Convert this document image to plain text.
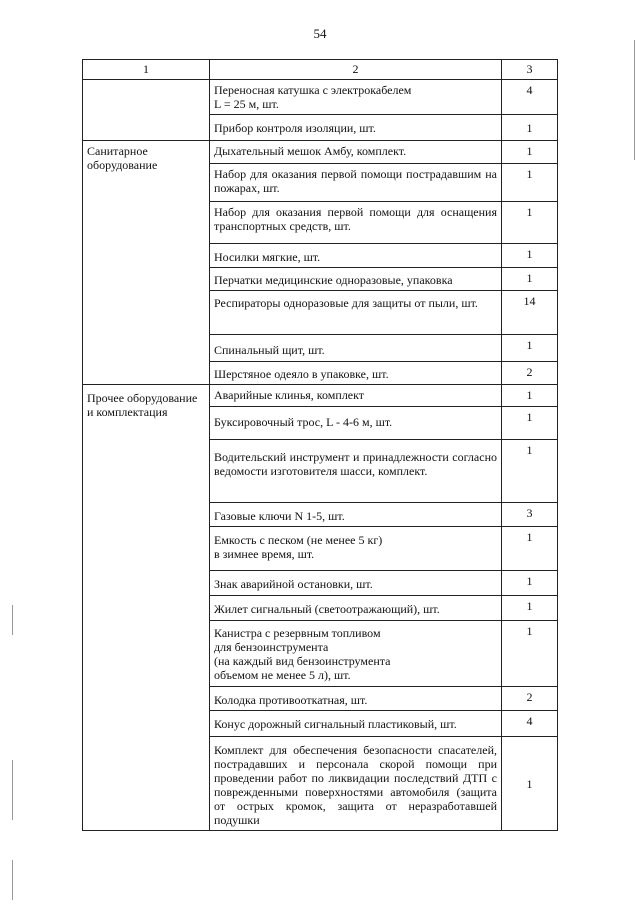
54
1	2	3

	Переносная катушка с электрокабелем
L = 25 м, шт.	4

	Прибор контроля изоляции, шт.	1
Санитарное оборудование	Дыхательный мешок Амбу, комплект.	1
	Набор для оказания первой помощи пострадавшим на пожарах, шт.	1
	Набор для оказания первой помощи для оснащения транспортных средств, шт.	1
	Носилки мягкие, шт.	1
	Перчатки медицинские одноразовые, упаковка	1
	Респираторы одноразовые для защиты от пыли, шт.	14
	Спинальный щит, шт.	1
	Шерстяное одеяло в упаковке, шт.	2
Прочее оборудование и комплектация	Аварийные клинья, комплект	1
	Буксировочный трос, L - 4-6 м, шт.	1
	Водительский инструмент и принадлежности согласно ведомости изготовителя шасси, комплект.	1
	Газовые ключи N 1-5, шт.	3

	Емкость с песком (не менее 5 кг)
в зимнее время, шт.	1
	Знак аварийной остановки, шт.	1
	Жилет сигнальный (светоотражающий), шт.	1

	Канистра с резервным топливом
для бензоинструмента
(на каждый вид бензоинструмента
объемом не менее 5 л), шт.	1
	Колодка противооткатная, шт.	2
	Конус дорожный сигнальный пластиковый, шт.	4
	Комплект для обеспечения безопасности спасателей, пострадавших и персонала скорой помощи при проведении работ по ликвидации последствий ДТП с поврежденными поверхностями автомобиля (защита от острых кромок, защита от неразработавшей подушки	1
